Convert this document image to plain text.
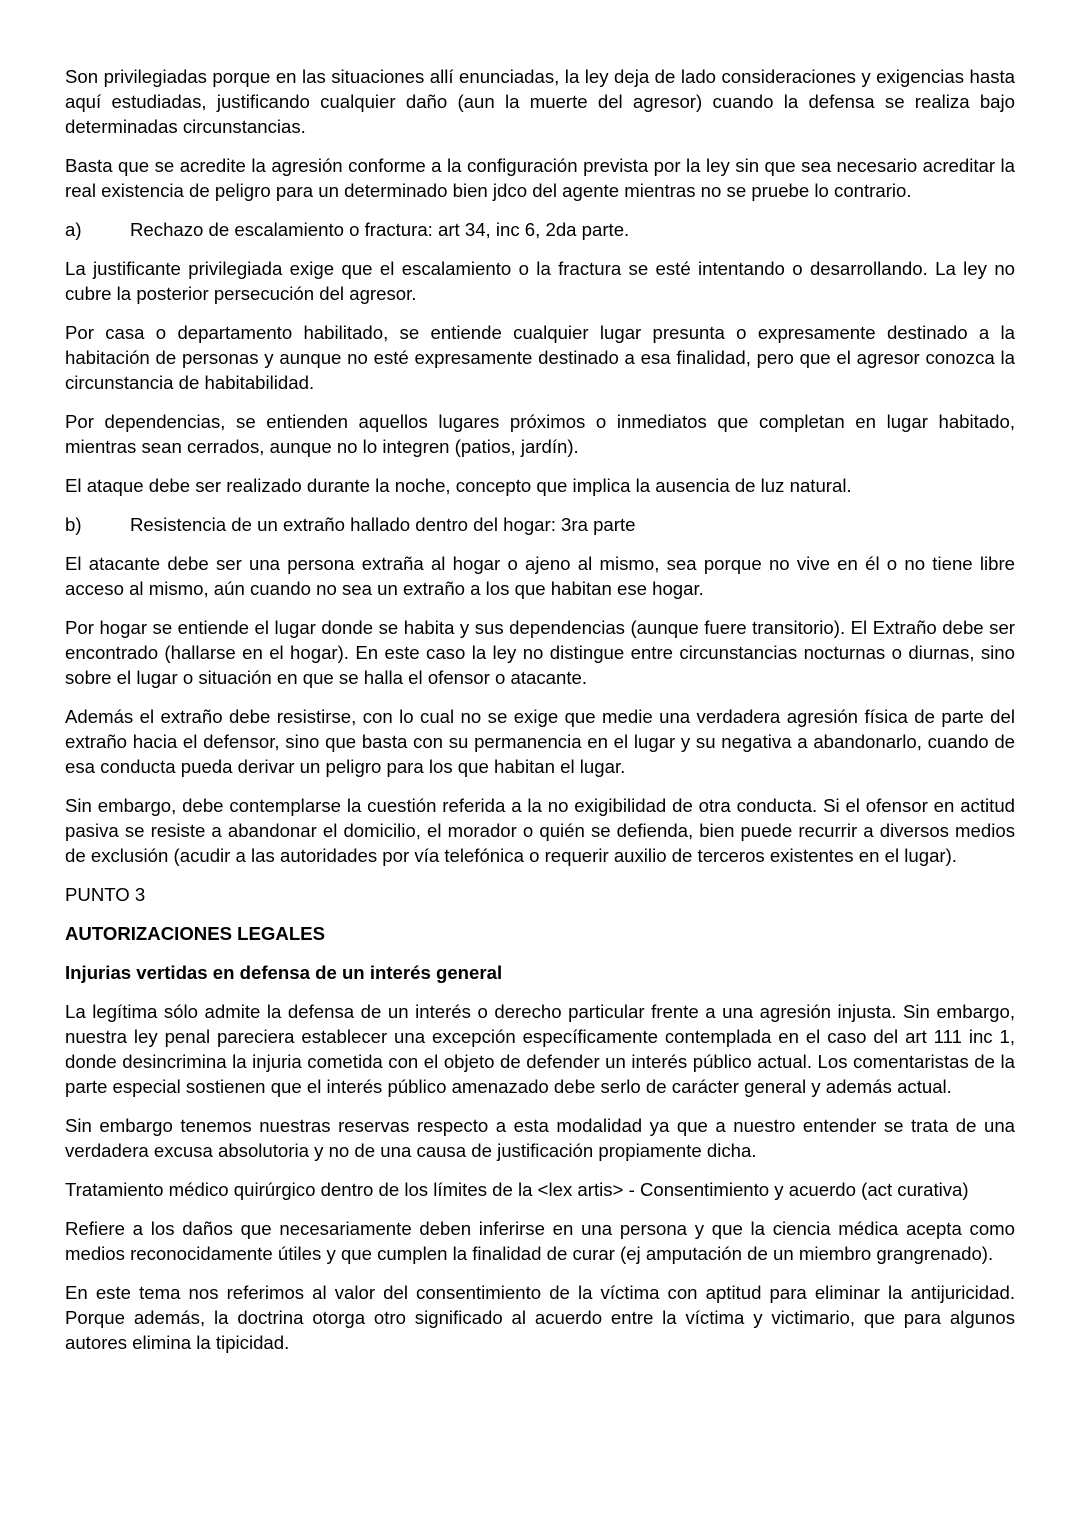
Son privilegiadas porque en las situaciones allí enunciadas, la ley deja de lado consideraciones y exigencias hasta aquí estudiadas, justificando cualquier daño (aun la muerte del agresor) cuando la defensa se realiza bajo determinadas circunstancias.

Basta que se acredite la agresión conforme a la configuración prevista por la ley sin que sea necesario acreditar la real existencia de peligro para un determinado bien jdco del agente mientras no se pruebe lo contrario.

a)	Rechazo de escalamiento o fractura: art 34, inc 6, 2da parte.

La justificante privilegiada exige que el escalamiento o la fractura se esté intentando o desarrollando. La ley no cubre la posterior persecución del agresor.

Por casa o departamento habilitado, se entiende cualquier lugar presunta o expresamente destinado a la habitación de personas y aunque no esté expresamente destinado a esa finalidad, pero que el agresor conozca la circunstancia de habitabilidad.

Por dependencias, se entienden aquellos lugares próximos o inmediatos que completan en lugar habitado, mientras sean cerrados, aunque no lo integren (patios, jardín).

El ataque debe ser realizado durante la noche, concepto que implica la ausencia de luz natural.

b)	Resistencia de un extraño hallado dentro del hogar: 3ra parte

El atacante debe ser una persona extraña al hogar o ajeno al mismo, sea porque no vive en él o no tiene libre acceso al mismo, aún cuando no sea un extraño a los que habitan ese hogar.

Por hogar se entiende el lugar donde se habita y sus dependencias (aunque fuere transitorio). El Extraño debe ser encontrado (hallarse en el hogar). En este caso la ley no distingue entre circunstancias nocturnas o diurnas, sino sobre el lugar o situación en que se halla el ofensor o atacante.

Además el extraño debe resistirse, con lo cual no se exige que medie una verdadera agresión física de parte del extraño hacia el defensor, sino que basta con su permanencia en el lugar y su negativa a abandonarlo, cuando de esa conducta pueda derivar un peligro para los que habitan el lugar.

Sin embargo, debe contemplarse la cuestión referida a la no exigibilidad de otra conducta. Si el ofensor en actitud pasiva se resiste a abandonar el domicilio, el morador o quién se defienda, bien puede recurrir a diversos medios de exclusión (acudir a las autoridades por vía telefónica o requerir auxilio de terceros existentes en el lugar).

PUNTO 3
AUTORIZACIONES LEGALES
Injurias vertidas en defensa de un interés general

La legítima sólo admite la defensa de un interés o derecho particular frente a una agresión injusta. Sin embargo, nuestra ley penal pareciera establecer una excepción específicamente contemplada en el caso del art 111 inc 1, donde desincrimina la injuria cometida con el objeto de defender un interés público actual. Los comentaristas de la parte especial sostienen que el interés público amenazado debe serlo de carácter general y además actual.

Sin embargo tenemos nuestras reservas respecto a esta modalidad ya que a nuestro entender se trata de una verdadera excusa absolutoria y no de una causa de justificación propiamente dicha.

Tratamiento médico quirúrgico dentro de los límites de la <lex artis> - Consentimiento y acuerdo (act curativa)

Refiere a los daños que necesariamente deben inferirse en una persona y que la ciencia médica acepta como medios reconocidamente útiles y que cumplen la finalidad de curar (ej amputación de un miembro grangrenado).

En este tema nos referimos al valor del consentimiento de la víctima con aptitud para eliminar la antijuricidad. Porque además, la doctrina otorga otro significado al acuerdo entre la víctima y victimario, que para algunos autores elimina la tipicidad.
